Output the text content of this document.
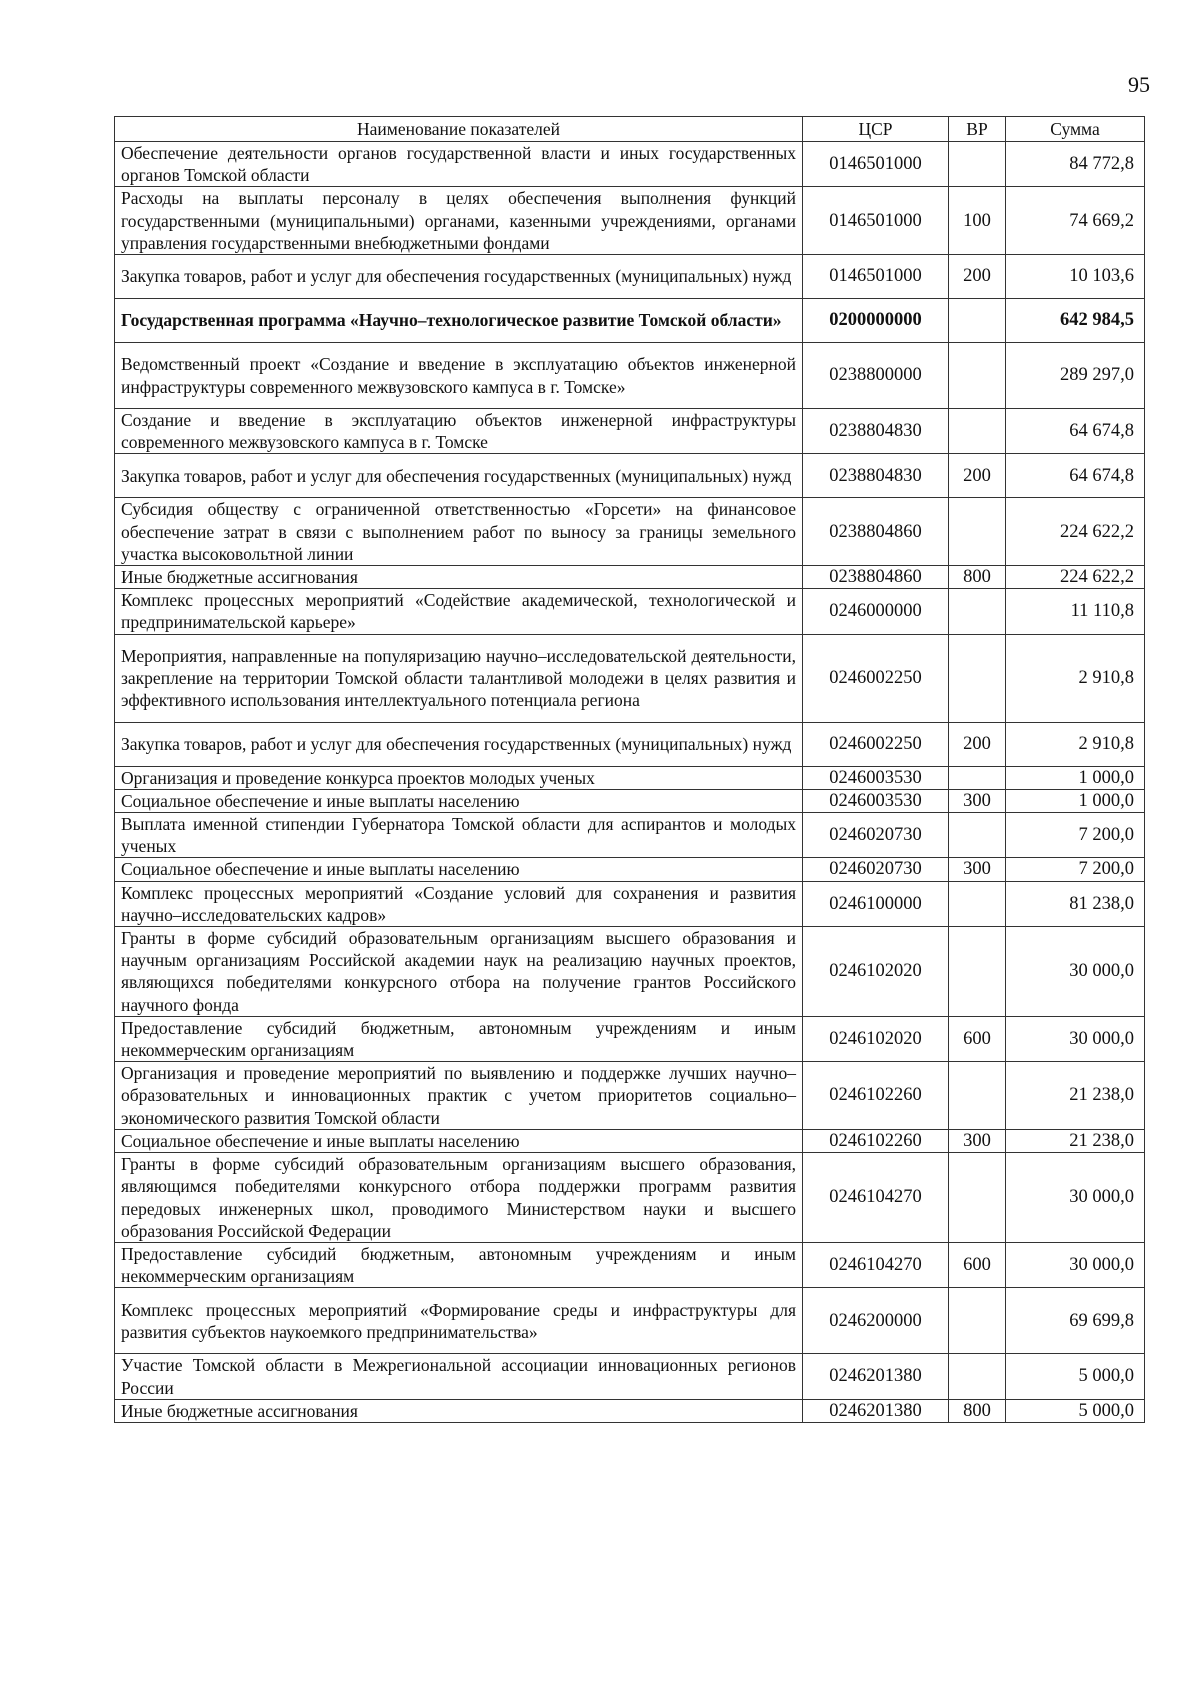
95
Наименование показателей	ЦСР	ВР	Сумма
Обеспечение деятельности органов государственной власти и иных государственных органов Томской области	0146501000		84 772,8
Расходы на выплаты персоналу в целях обеспечения выполнения функций государственными (муниципальными) органами, казенными учреждениями, органами управления государственными внебюджетными фондами	0146501000	100	74 669,2
Закупка товаров, работ и услуг для обеспечения государственных (муниципальных) нужд	0146501000	200	10 103,6
Государственная программа «Научно–технологическое развитие Томской области»	0200000000		642 984,5
Ведомственный проект «Создание и введение в эксплуатацию объектов инженерной инфраструктуры современного межвузовского кампуса в г. Томске»	0238800000		289 297,0
Создание и введение в эксплуатацию объектов инженерной инфраструктуры современного межвузовского кампуса в г. Томске	0238804830		64 674,8
Закупка товаров, работ и услуг для обеспечения государственных (муниципальных) нужд	0238804830	200	64 674,8
Субсидия обществу с ограниченной ответственностью «Горсети» на финансовое обеспечение затрат в связи с выполнением работ по выносу за границы земельного участка высоковольтной линии	0238804860		224 622,2
Иные бюджетные ассигнования	0238804860	800	224 622,2
Комплекс процессных мероприятий «Содействие академической, технологической и предпринимательской карьере»	0246000000		11 110,8
Мероприятия, направленные на популяризацию научно–исследовательской деятельности, закрепление на территории Томской области талантливой молодежи в целях развития и эффективного использования интеллектуального потенциала региона	0246002250		2 910,8
Закупка товаров, работ и услуг для обеспечения государственных (муниципальных) нужд	0246002250	200	2 910,8
Организация и проведение конкурса проектов молодых ученых	0246003530		1 000,0
Социальное обеспечение и иные выплаты населению	0246003530	300	1 000,0
Выплата именной стипендии Губернатора Томской области для аспирантов и молодых ученых	0246020730		7 200,0
Социальное обеспечение и иные выплаты населению	0246020730	300	7 200,0
Комплекс процессных мероприятий «Создание условий для сохранения и развития научно–исследовательских кадров»	0246100000		81 238,0
Гранты в форме субсидий образовательным организациям высшего образования и научным организациям Российской академии наук на реализацию научных проектов, являющихся победителями конкурсного отбора на получение грантов Российского научного фонда	0246102020		30 000,0
Предоставление субсидий бюджетным, автономным учреждениям и иным некоммерческим организациям	0246102020	600	30 000,0
Организация и проведение мероприятий по выявлению и поддержке лучших научно–образовательных и инновационных практик с учетом приоритетов социально–экономического развития Томской области	0246102260		21 238,0
Социальное обеспечение и иные выплаты населению	0246102260	300	21 238,0
Гранты в форме субсидий образовательным организациям высшего образования, являющимся победителями конкурсного отбора поддержки программ развития передовых инженерных школ, проводимого Министерством науки и высшего образования Российской Федерации	0246104270		30 000,0
Предоставление субсидий бюджетным, автономным учреждениям и иным некоммерческим организациям	0246104270	600	30 000,0
Комплекс процессных мероприятий «Формирование среды и инфраструктуры для развития субъектов наукоемкого предпринимательства»	0246200000		69 699,8
Участие Томской области в Межрегиональной ассоциации инновационных регионов России	0246201380		5 000,0
Иные бюджетные ассигнования	0246201380	800	5 000,0
